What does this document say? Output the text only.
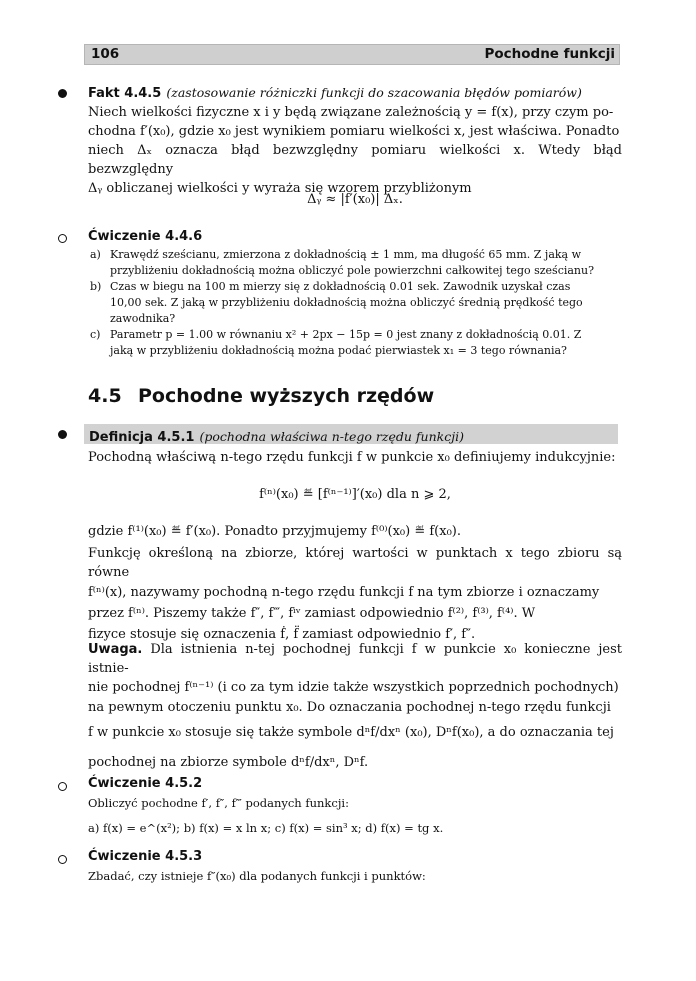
106	Pochodne funkcji
Fakt 4.4.5 (zastosowanie różniczki funkcji do szacowania błędów pomiarów)

Niech wielkości fizyczne x i y będą związane zależnością y = f(x), przy czym po-

chodna f′(x₀), gdzie x₀ jest wynikiem pomiaru wielkości x, jest właściwa. Ponadto

niech Δₓ oznacza błąd bezwzględny pomiaru wielkości x. Wtedy błąd bezwzględny

Δᵧ obliczanej wielkości y wyraża się wzorem przybliżonym

Δᵧ ≈ |f′(x₀)| Δₓ.
Ćwiczenie 4.4.6
a) Krawędź sześcianu, zmierzona z dokładnością ± 1 mm, ma długość 65 mm. Z jaką w

przybliżeniu dokładnością można obliczyć pole powierzchni całkowitej tego sześcianu?

b) Czas w biegu na 100 m mierzy się z dokładnością 0.01 sek. Zawodnik uzyskał czas

10,00 sek. Z jaką w przybliżeniu dokładnością można obliczyć średnią prędkość tego

zawodnika?

c) Parametr p = 1.00 w równaniu x² + 2px − 15p = 0 jest znany z dokładnością 0.01. Z

jaką w przybliżeniu dokładnością można podać pierwiastek x₁ = 3 tego równania?

4.5 Pochodne wyższych rzędów
Definicja 4.5.1 (pochodna właściwa n-tego rzędu funkcji)

Pochodną właściwą n-tego rzędu funkcji f w punkcie x₀ definiujemy indukcyjnie:

f⁽ⁿ⁾(x₀) ≝ [f⁽ⁿ⁻¹⁾]′(x₀) dla n ⩾ 2,

gdzie f⁽¹⁾(x₀) ≝ f′(x₀). Ponadto przyjmujemy f⁽⁰⁾(x₀) ≝ f(x₀).

Funkcję określoną na zbiorze, której wartości w punktach x tego zbioru są równe

f⁽ⁿ⁾(x), nazywamy pochodną n-tego rzędu funkcji f na tym zbiorze i oznaczamy

przez f⁽ⁿ⁾. Piszemy także f″, f‴, fⁱᵛ zamiast odpowiednio f⁽²⁾, f⁽³⁾, f⁽⁴⁾. W

fizyce stosuje się oznaczenia ḟ, f̈ zamiast odpowiednio f′, f″.

Uwaga. Dla istnienia n-tej pochodnej funkcji f w punkcie x₀ konieczne jest istnie-

nie pochodnej f⁽ⁿ⁻¹⁾ (i co za tym idzie także wszystkich poprzednich pochodnych)

na pewnym otoczeniu punktu x₀. Do oznaczania pochodnej n-tego rzędu funkcji

f w punkcie x₀ stosuje się także symbole dⁿf/dxⁿ (x₀), Dⁿf(x₀), a do oznaczania tej

pochodnej na zbiorze symbole dⁿf/dxⁿ, Dⁿf.

Ćwiczenie 4.5.2

Obliczyć pochodne f′, f″, f‴ podanych funkcji:

a) f(x) = e^(x²); b) f(x) = x ln x; c) f(x) = sin³ x; d) f(x) = tg x.

Ćwiczenie 4.5.3

Zbadać, czy istnieje f″(x₀) dla podanych funkcji i punktów:
